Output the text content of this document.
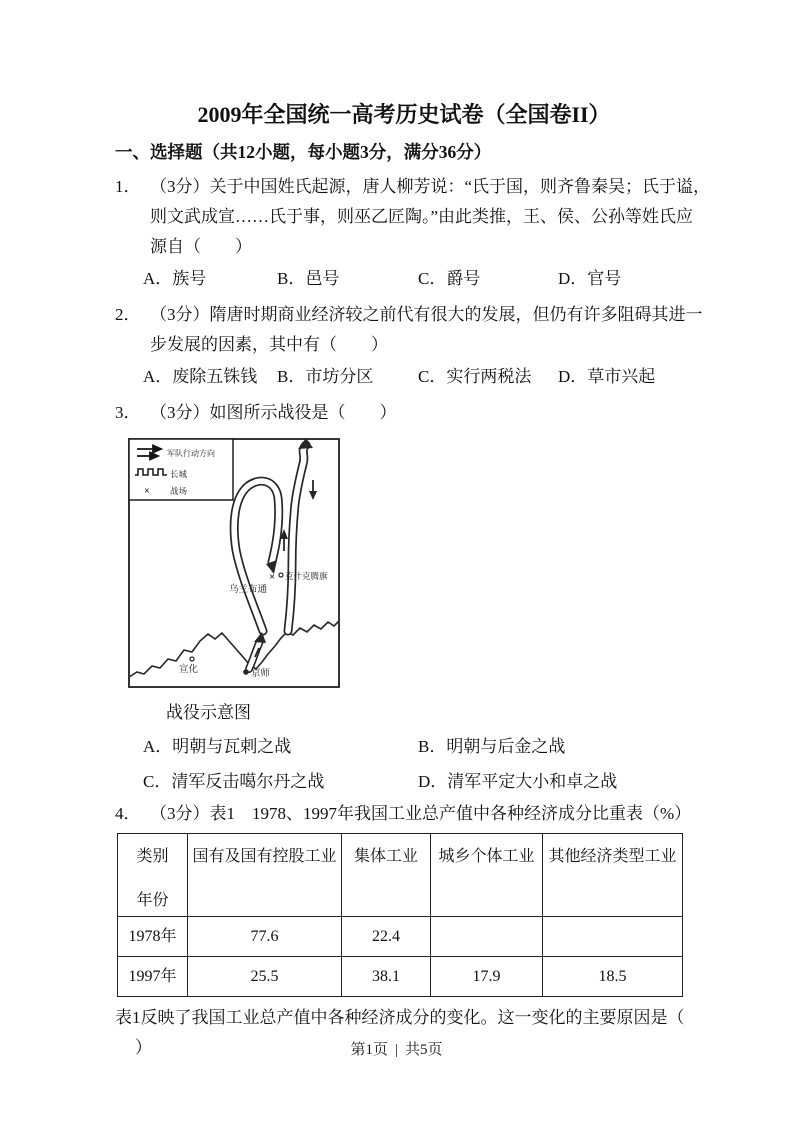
2009年全国统一高考历史试卷（全国卷II）
一、选择题（共12小题，每小题3分，满分36分）
1． （3分）关于中国姓氏起源，唐人柳芳说：“氏于国，则齐鲁秦吴；氏于谥，
则文武成宣……氏于事，则巫乙匠陶。”由此类推，王、侯、公孙等姓氏应
源自（　　）
A．族号	B．邑号	C．爵号	D．官号
2． （3分）隋唐时期商业经济较之前代有很大的发展，但仍有许多阻碍其进一
步发展的因素，其中有（　　）
A．废除五铢钱	B．市坊分区	C．实行两税法	D．草市兴起
3． （3分）如图所示战役是（　　）
军队行动方向
长城
× 战场
× 克什克腾旗
乌兰布通
宣化	京师
战役示意图
A．明朝与瓦剌之战	B．明朝与后金之战
C．清军反击噶尔丹之战	D．清军平定大小和卓之战
4． （3分）表1　1978、1997年我国工业总产值中各种经济成分比重表（%）
类别
年份	国有及国有控股工业	集体工业	城乡个体工业	其他经济类型工业
1978年	77.6	22.4		
1997年	25.5	38.1	17.9	18.5
表1反映了我国工业总产值中各种经济成分的变化。这一变化的主要原因是（
）	第1页 | 共5页
